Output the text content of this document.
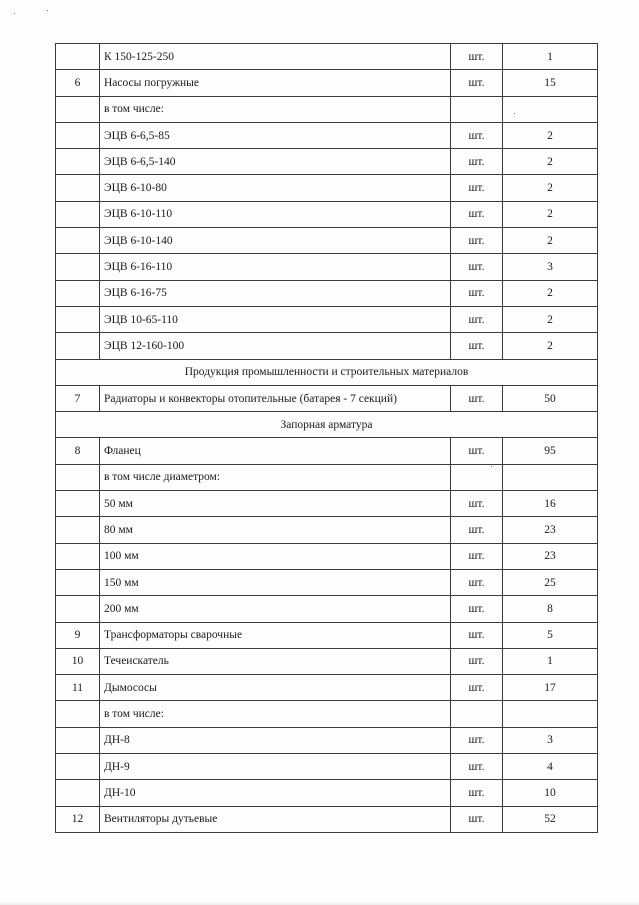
	К 150-125-250	шт.	1
6	Насосы погружные	шт.	15
	в том числе:		
	ЭЦВ 6-6,5-85	шт.	2
	ЭЦВ 6-6,5-140	шт.	2
	ЭЦВ 6-10-80	шт.	2
	ЭЦВ 6-10-110	шт.	2
	ЭЦВ 6-10-140	шт.	2
	ЭЦВ 6-16-110	шт.	3
	ЭЦВ 6-16-75	шт.	2
	ЭЦВ 10-65-110	шт.	2
	ЭЦВ 12-160-100	шт.	2
Продукция промышленности и строительных материалов			
7	Радиаторы и конвекторы отопительные (батарея - 7 секций)	шт.	50
Запорная арматура			
8	Фланец	шт.	95
	в том числе диаметром:		
	50 мм	шт.	16
	80 мм	шт.	23
	100 мм	шт.	23
	150 мм	шт.	25
	200 мм	шт.	8
9	Трансформаторы сварочные	шт.	5
10	Течеискатель	шт.	1
11	Дымососы	шт.	17
	в том числе:		
	ДН-8	шт.	3
	ДН-9	шт.	4
	ДН-10	шт.	10
12	Вентиляторы дутьевые	шт.	52
